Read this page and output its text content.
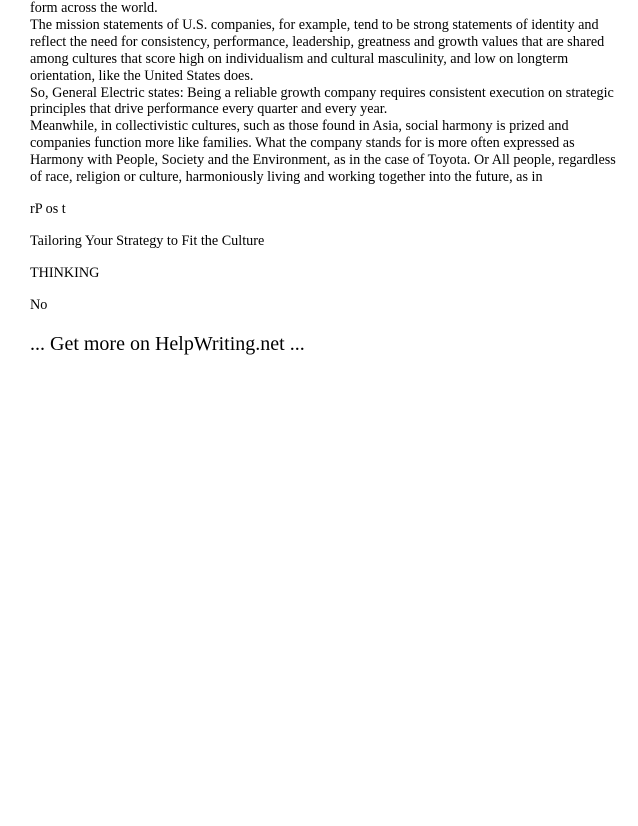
form across the world.

The mission statements of U.S. companies, for example, tend to be strong statements of identity and reflect the need for consistency, performance, leadership, greatness and growth values that are shared among cultures that score high on individualism and cultural masculinity, and low on longterm orientation, like the United States does.

So, General Electric states: Being a reliable growth company requires consistent execution on strategic principles that drive performance every quarter and every year.

Meanwhile, in collectivistic cultures, such as those found in Asia, social harmony is prized and companies function more like families. What the company stands for is more often expressed as Harmony with People, Society and the Environment, as in the case of Toyota. Or All people, regardless of race, religion or culture, harmoniously living and working together into the future, as in

rP os t

Tailoring Your Strategy to Fit the Culture

THINKING

No

... Get more on HelpWriting.net ...
